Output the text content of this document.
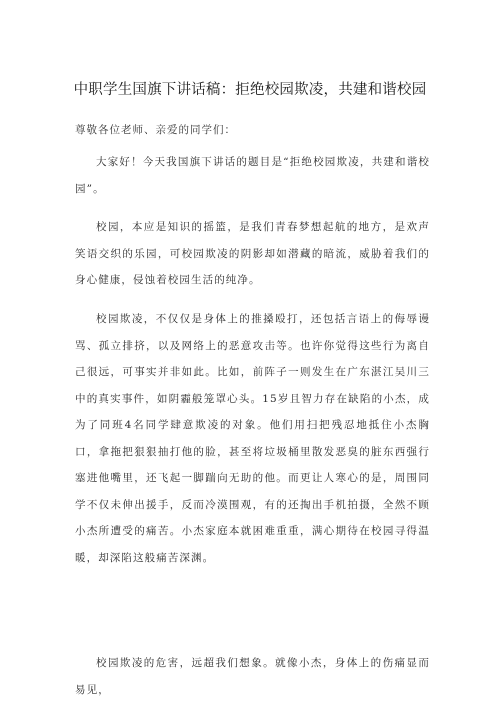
中职学生国旗下讲话稿：拒绝校园欺凌，共建和谐校园
尊敬各位老师、亲爱的同学们：

大家好！今天我国旗下讲话的题目是“拒绝校园欺凌，共建和谐校园”。

校园，本应是知识的摇篮，是我们青春梦想起航的地方，是欢声笑语交织的乐园，可校园欺凌的阴影却如潜藏的暗流，威胁着我们的身心健康，侵蚀着校园生活的纯净。

校园欺凌，不仅仅是身体上的推搡殴打，还包括言语上的侮辱谩骂、孤立排挤，以及网络上的恶意攻击等。也许你觉得这些行为离自己很远，可事实并非如此。比如，前阵子一则发生在广东湛江吴川三中的真实事件，如阴霾般笼罩心头。15岁且智力存在缺陷的小杰，成为了同班4名同学肆意欺凌的对象。他们用扫把残忍地抵住小杰胸口，拿拖把狠狠抽打他的脸，甚至将垃圾桶里散发恶臭的脏东西强行塞进他嘴里，还飞起一脚踹向无助的他。而更让人寒心的是，周围同学不仅未伸出援手，反而冷漠围观，有的还掏出手机拍摄，全然不顾小杰所遭受的痛苦。小杰家庭本就困难重重，满心期待在校园寻得温暖，却深陷这般痛苦深渊。

校园欺凌的危害，远超我们想象。就像小杰，身体上的伤痛显而易见，
